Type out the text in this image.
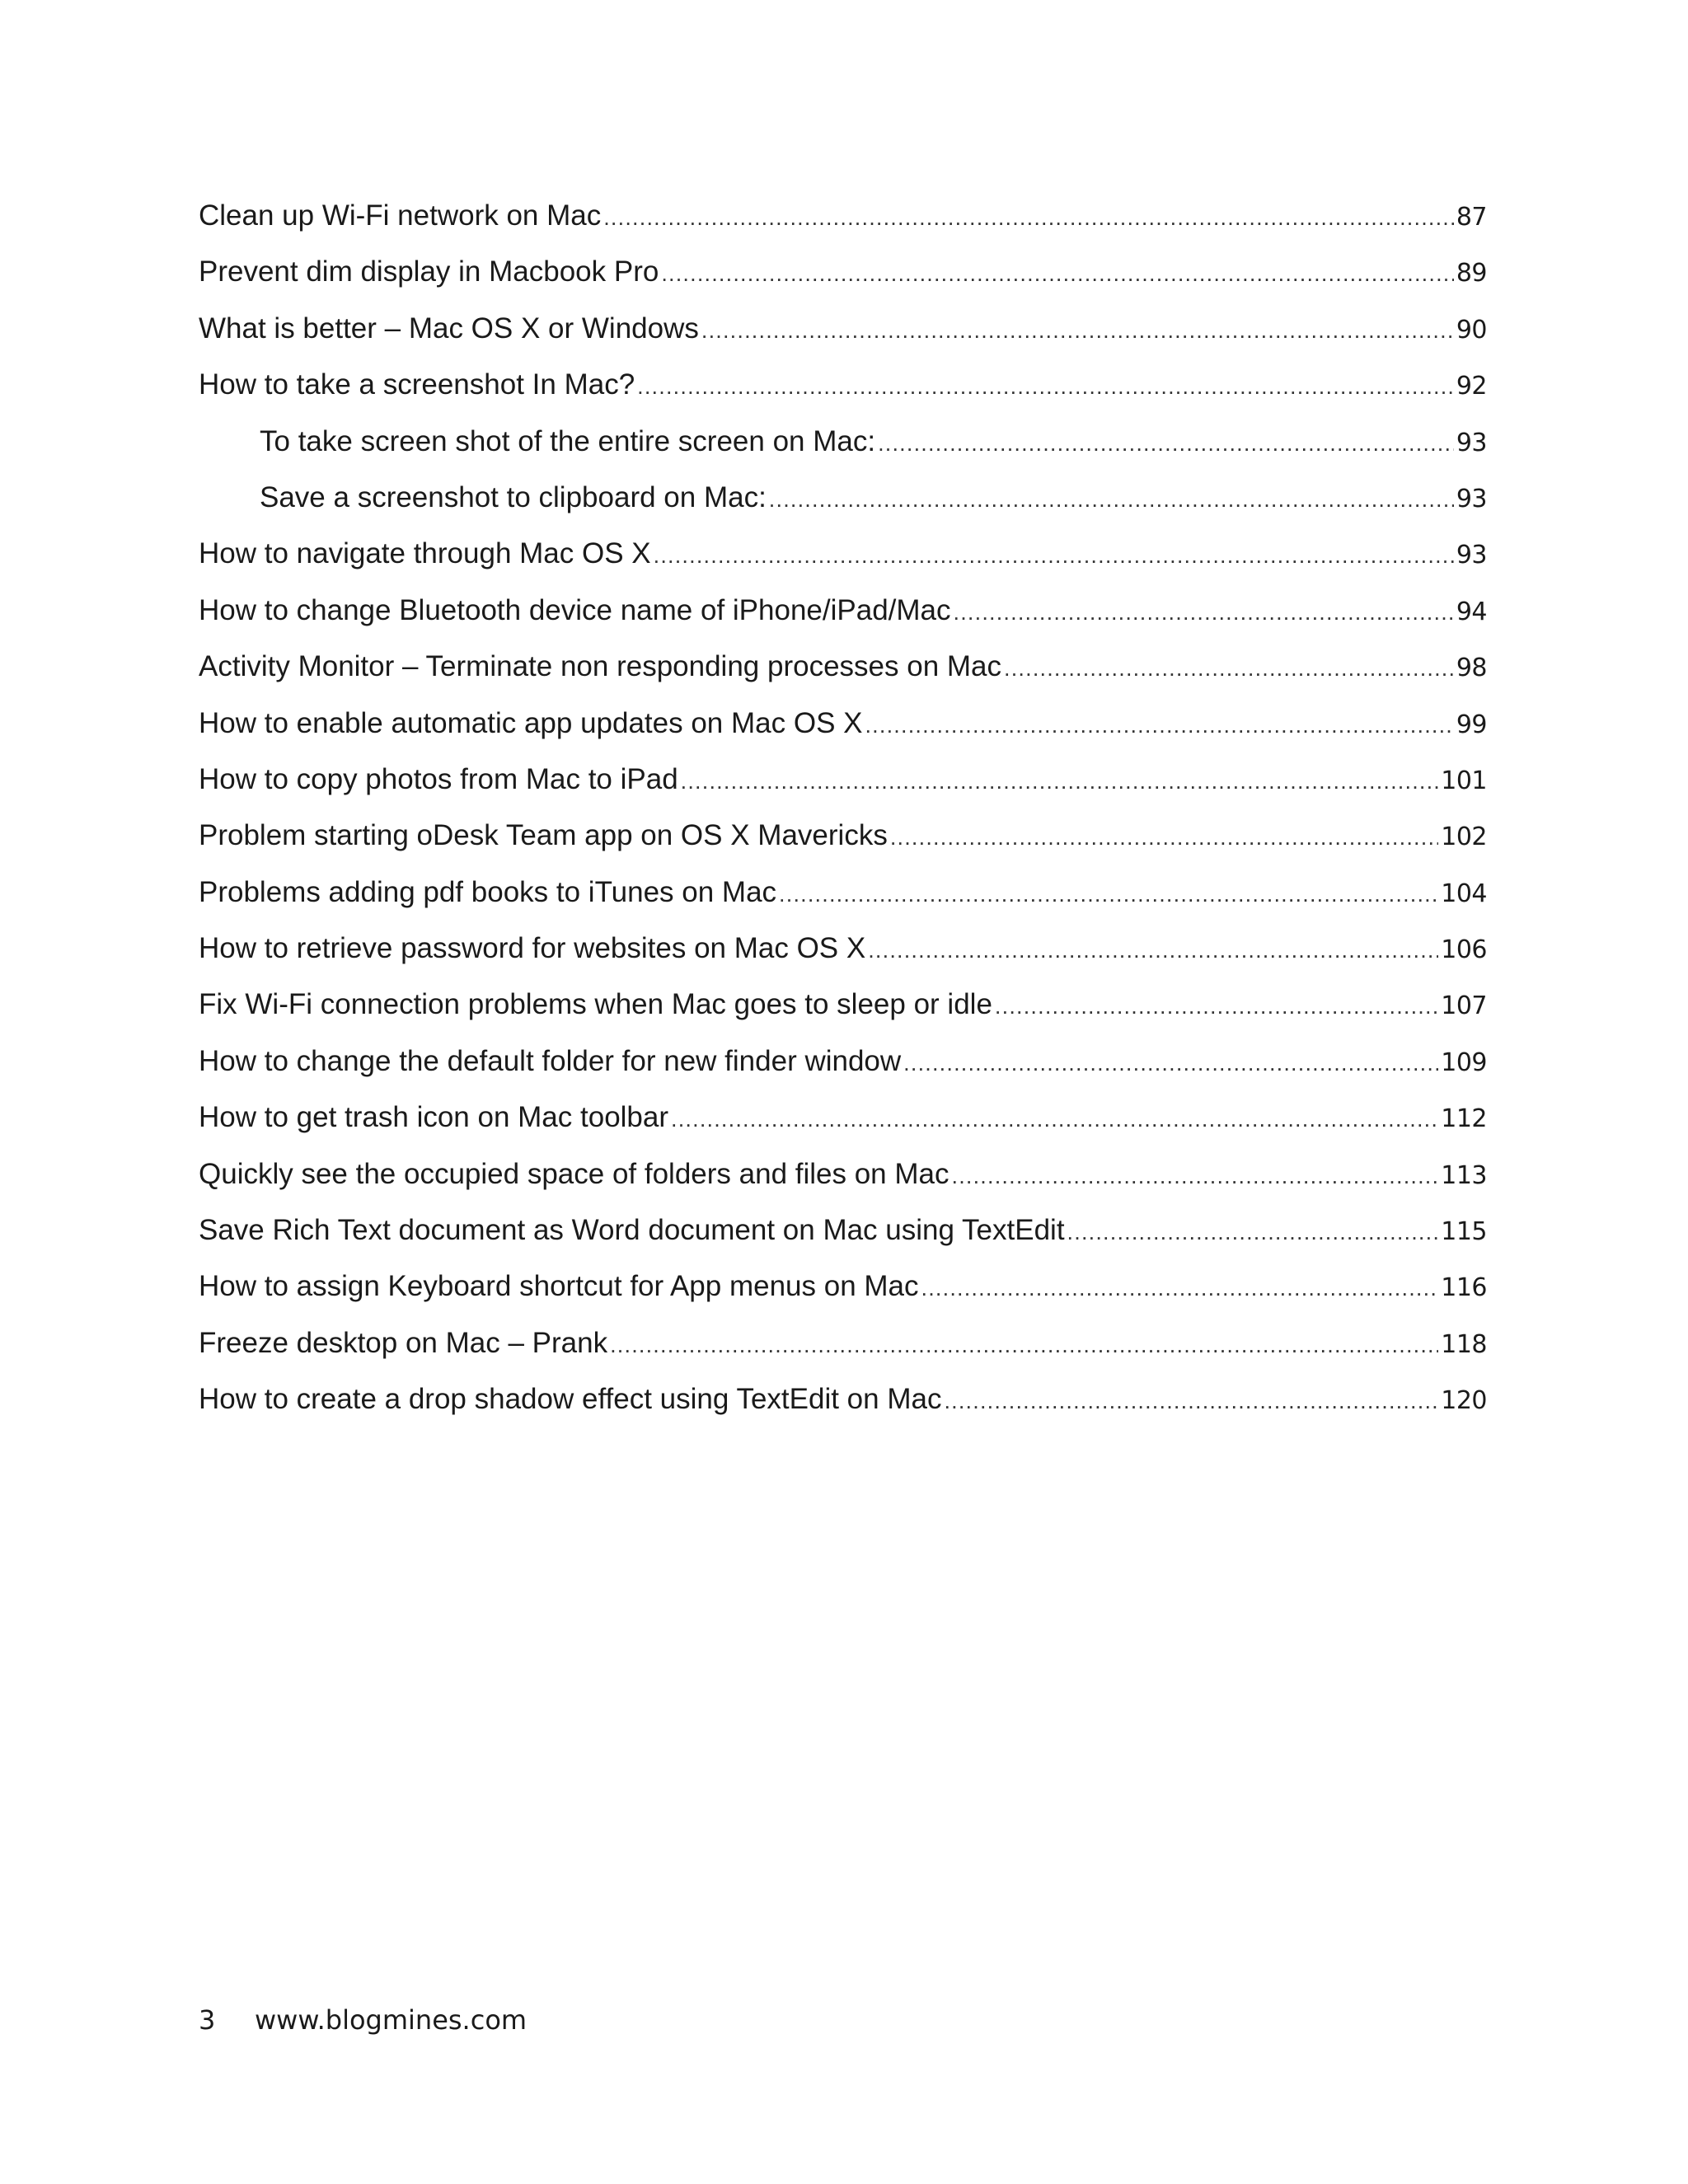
Clean up Wi-Fi network on Mac .....	87
Prevent dim display in Macbook Pro .....	89
What is better – Mac OS X or Windows .....	90
How to take a screenshot In Mac? .....	92
To take screen shot of the entire screen on Mac: .....	93
Save a screenshot to clipboard on Mac: .....	93
How to navigate through Mac OS X .....	93
How to change Bluetooth device name of iPhone/iPad/Mac .....	94
Activity Monitor – Terminate non responding processes on Mac .....	98
How to enable automatic app updates on Mac OS X .....	99
How to copy photos from Mac to iPad .....	101
Problem starting oDesk Team app on OS X Mavericks .....	102
Problems adding pdf books to iTunes on Mac .....	104
How to retrieve password for websites on Mac OS X .....	106
Fix Wi-Fi connection problems when Mac goes to sleep or idle .....	107
How to change the default folder for new finder window .....	109
How to get trash icon on Mac toolbar .....	112
Quickly see the occupied space of folders and files on Mac .....	113
Save Rich Text document as Word document on Mac using TextEdit .....	115
How to assign Keyboard shortcut for App menus on Mac .....	116
Freeze desktop on Mac – Prank .....	118
How to create a drop shadow effect using TextEdit on Mac .....	120
3	www.blogmines.com
